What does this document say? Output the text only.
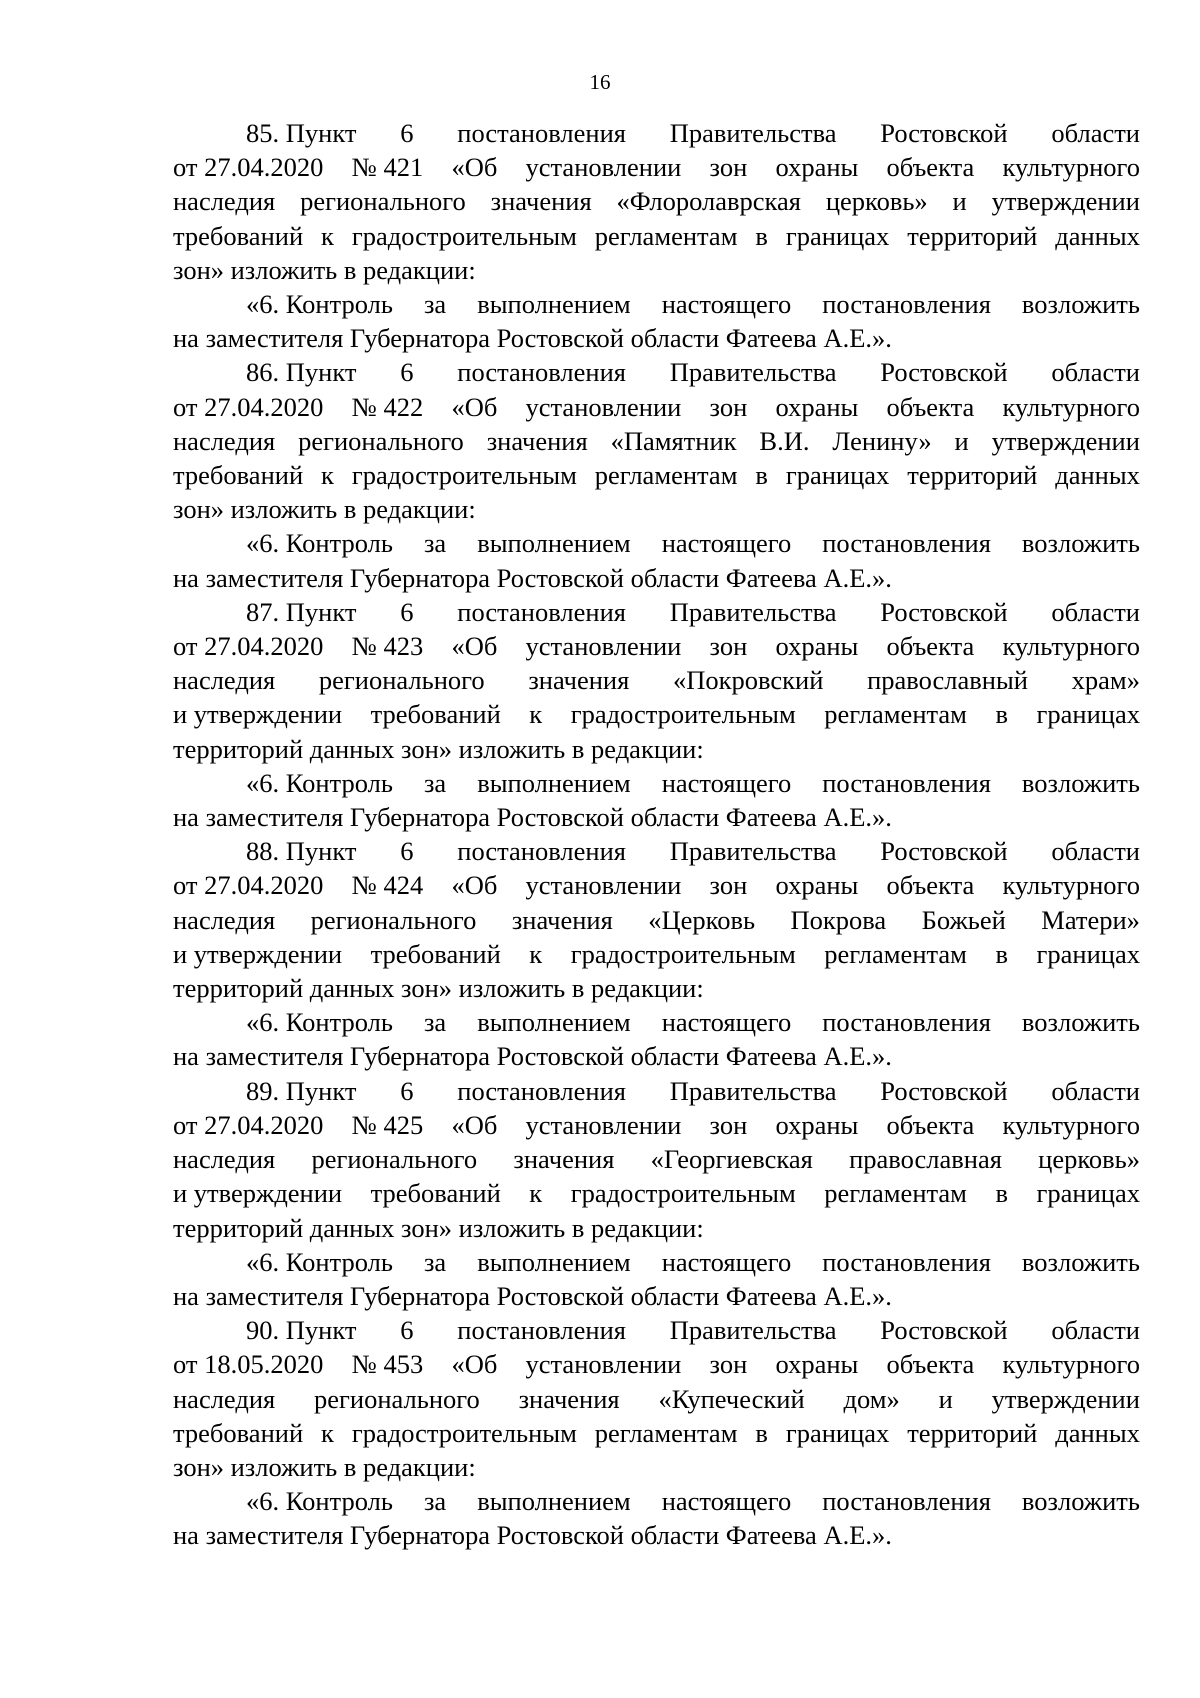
16
85. Пункт 6 постановления Правительства Ростовской области
от 27.04.2020 № 421 «Об установлении зон охраны объекта культурного
наследия регионального значения «Флоролаврская церковь» и утверждении
требований к градостроительным регламентам в границах территорий данных
зон» изложить в редакции:
«6. Контроль за выполнением настоящего постановления возложить
на заместителя Губернатора Ростовской области Фатеева А.Е.».
86. Пункт 6 постановления Правительства Ростовской области
от 27.04.2020 № 422 «Об установлении зон охраны объекта культурного
наследия регионального значения «Памятник В.И. Ленину» и утверждении
требований к градостроительным регламентам в границах территорий данных
зон» изложить в редакции:
«6. Контроль за выполнением настоящего постановления возложить
на заместителя Губернатора Ростовской области Фатеева А.Е.».
87. Пункт 6 постановления Правительства Ростовской области
от 27.04.2020 № 423 «Об установлении зон охраны объекта культурного
наследия регионального значения «Покровский православный храм»
и утверждении требований к градостроительным регламентам в границах
территорий данных зон» изложить в редакции:
«6. Контроль за выполнением настоящего постановления возложить
на заместителя Губернатора Ростовской области Фатеева А.Е.».
88. Пункт 6 постановления Правительства Ростовской области
от 27.04.2020 № 424 «Об установлении зон охраны объекта культурного
наследия регионального значения «Церковь Покрова Божьей Матери»
и утверждении требований к градостроительным регламентам в границах
территорий данных зон» изложить в редакции:
«6. Контроль за выполнением настоящего постановления возложить
на заместителя Губернатора Ростовской области Фатеева А.Е.».
89. Пункт 6 постановления Правительства Ростовской области
от 27.04.2020 № 425 «Об установлении зон охраны объекта культурного
наследия регионального значения «Георгиевская православная церковь»
и утверждении требований к градостроительным регламентам в границах
территорий данных зон» изложить в редакции:
«6. Контроль за выполнением настоящего постановления возложить
на заместителя Губернатора Ростовской области Фатеева А.Е.».
90. Пункт 6 постановления Правительства Ростовской области
от 18.05.2020 № 453 «Об установлении зон охраны объекта культурного
наследия регионального значения «Купеческий дом» и утверждении
требований к градостроительным регламентам в границах территорий данных
зон» изложить в редакции:
«6. Контроль за выполнением настоящего постановления возложить
на заместителя Губернатора Ростовской области Фатеева А.Е.».
